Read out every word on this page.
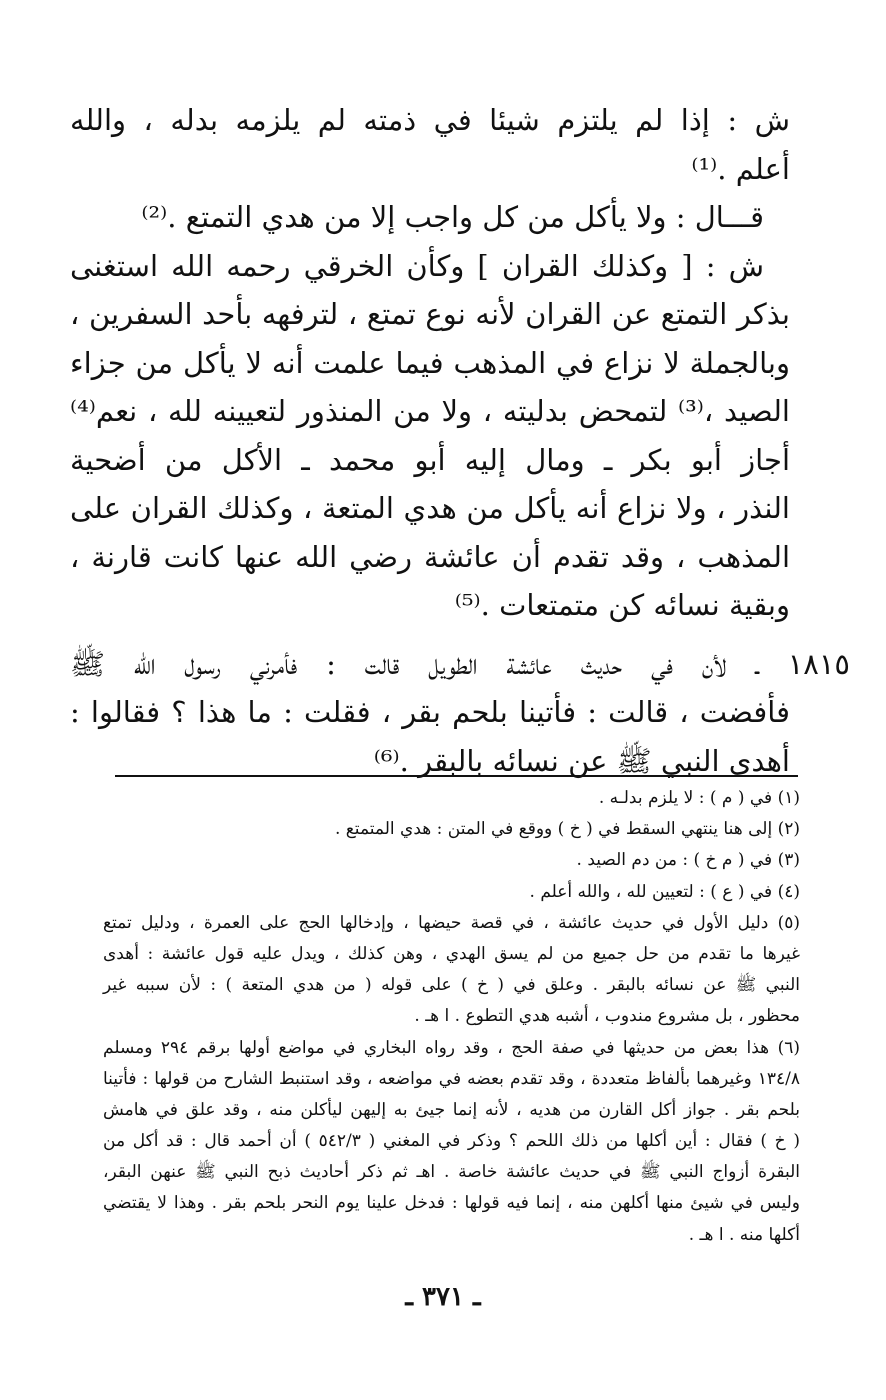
ش : إذا لم يلتزم شيئا في ذمته لم يلزمه بدله ، والله
أعلم .⁽¹⁾
قـــال : ولا يأكل من كل واجب إلا من هدي التمتع .⁽²⁾
ش : [ وكذلك القران ] وكأن الخرقي رحمه الله استغنى
بذكر التمتع عن القران لأنه نوع تمتع ، لترفهه بأحد السفرين ،
وبالجملة لا نزاع في المذهب فيما علمت أنه لا يأكل من جزاء
الصيد ،⁽³⁾ لتمحض بدليته ، ولا من المنذور لتعيينه لله ، نعم⁽⁴⁾
أجاز أبو بكر ـ ومال إليه أبو محمد ـ الأكل من أضحية
النذر ، ولا نزاع أنه يأكل من هدي المتعة ، وكذلك القران على
المذهب ، وقد تقدم أن عائشة رضي الله عنها كانت قارنة ،
وبقية نسائه كن متمتعات .⁽⁵⁾
١٨١٥ ـ لأن في حديث عائشة الطويل قالت : فأمرني رسول الله ﷺ
فأفضت ، قالت : فأتينا بلحم بقر ، فقلت : ما هذا ؟ فقالوا :
أهدى النبي ﷺ عن نسائه بالبقر .⁽⁶⁾
(١) في ( م ) : لا يلزم بدلـه .
(٢) إلى هنا ينتهي السقط في ( خ ) ووقع في المتن : هدي المتمتع .
(٣) في ( م خ ) : من دم الصيد .
(٤) في ( ع ) : لتعيين لله ، والله أعلم .
(٥) دليل الأول في حديث عائشة ، في قصة حيضها ، وإدخالها الحج على العمرة ، ودليل تمتع
غيرها ما تقدم من حل جميع من لم يسق الهدي ، وهن كذلك ، ويدل عليه قول عائشة : أهدى
النبي ﷺ عن نسائه بالبقر . وعلق في ( خ ) على قوله ( من هدي المتعة ) : لأن سببه غير
محظور ، بل مشروع مندوب ، أشبه هدي التطوع . ا هـ .
(٦) هذا بعض من حديثها في صفة الحج ، وقد رواه البخاري في مواضع أولها برقم ٢٩٤ ومسلم
١٣٤/٨ وغيرهما بألفاظ متعددة ، وقد تقدم بعضه في مواضعه ، وقد استنبط الشارح من قولها : فأتينا
بلحم بقر . جواز أكل القارن من هديه ، لأنه إنما جيئ به إليهن ليأكلن منه ، وقد علق في هامش
( خ ) فقال : أين أكلها من ذلك اللحم ؟ وذكر في المغني ( ٥٤٢/٣ ) أن أحمد قال : قد أكل من
البقرة أزواج النبي ﷺ في حديث عائشة خاصة . اهـ ثم ذكر أحاديث ذبح النبي ﷺ عنهن البقر،
وليس في شيئ منها أكلهن منه ، إنما فيه قولها : فدخل علينا يوم النحر بلحم بقر . وهذا لا يقتضي
أكلها منه . ا هـ .
ـ ٣٧١ ـ
